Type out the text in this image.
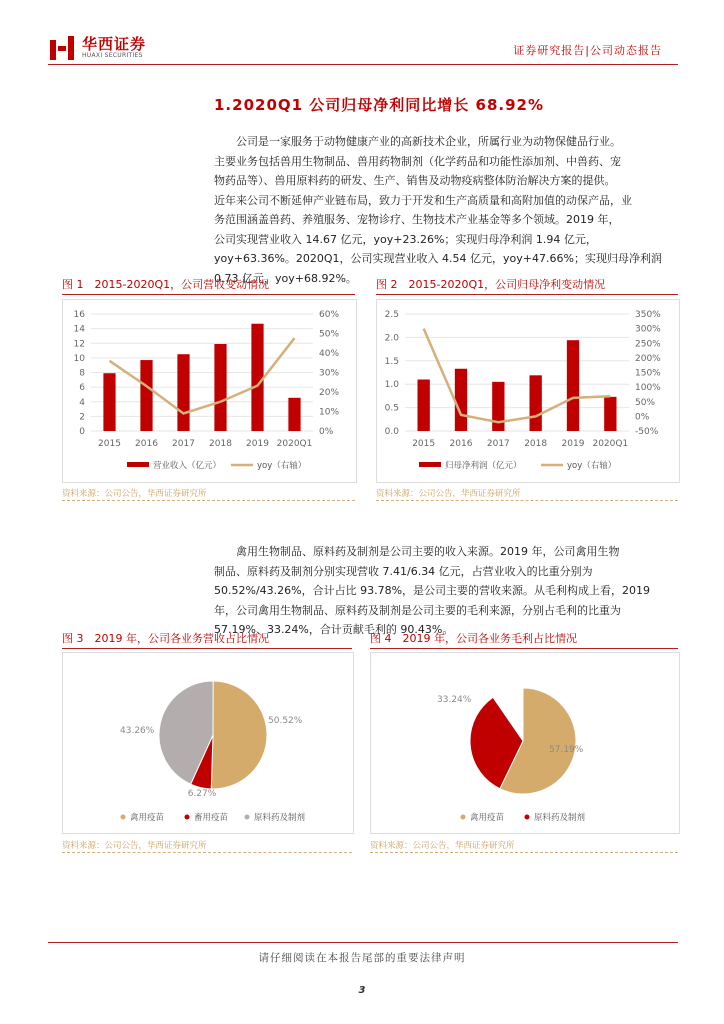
华西证券
HUAXI SECURITIES	证券研究报告|公司动态报告
1.2020Q1 公司归母净利同比增长 68.92%
公司是一家服务于动物健康产业的高新技术企业，所属行业为动物保健品行业。
主要业务包括兽用生物制品、兽用药物制剂（化学药品和功能性添加剂、中兽药、宠
物药品等）、兽用原料药的研发、生产、销售及动物疫病整体防治解决方案的提供。
近年来公司不断延伸产业链布局，致力于开发和生产高质量和高附加值的动保产品，业
务范围涵盖兽药、养殖服务、宠物诊疗、生物技术产业基金等多个领域。2019 年，
公司实现营业收入 14.67 亿元，yoy+23.26%；实现归母净利润 1.94 亿元，
yoy+63.36%。2020Q1，公司实现营业收入 4.54 亿元，yoy+47.66%；实现归母净利润
0.73 亿元，yoy+68.92%。
图 1　2015-2020Q1，公司营收变动情况	图 2　2015-2020Q1，公司归母净利变动情况
0
2
4
6
8
10
12
14
16
0%
10%
20%
30%
40%
50%
60%
2015 2016 2017 2018 2019 2020Q1
营业收入（亿元）	yoy（右轴）
0.0
0.5
1.0
1.5
2.0
2.5
-50%
0%
50%
100%
150%
200%
250%
300%
350%
2015 2016 2017 2018 2019 2020Q1
归母净利润（亿元）	yoy（右轴）
资料来源：公司公告，华西证券研究所	资料来源：公司公告，华西证券研究所
禽用生物制品、原料药及制剂是公司主要的收入来源。2019 年，公司禽用生物
制品、原料药及制剂分别实现营收 7.41/6.34 亿元，占营业收入的比重分别为
50.52%/43.26%，合计占比 93.78%，是公司主要的营收来源。从毛利构成上看，2019
年，公司禽用生物制品、原料药及制剂是公司主要的毛利来源，分别占毛利的比重为
57.19%、33.24%，合计贡献毛利的 90.43%。
图 3　2019 年，公司各业务营收占比情况	图 4　2019 年，公司各业务毛利占比情况
50.52%
6.27%
43.26%
禽用疫苗	畜用疫苗	原料药及制剂
57.19%
33.24%
禽用疫苗	原料药及制剂
资料来源：公司公告，华西证券研究所	资料来源：公司公告，华西证券研究所
请仔细阅读在本报告尾部的重要法律声明
3
